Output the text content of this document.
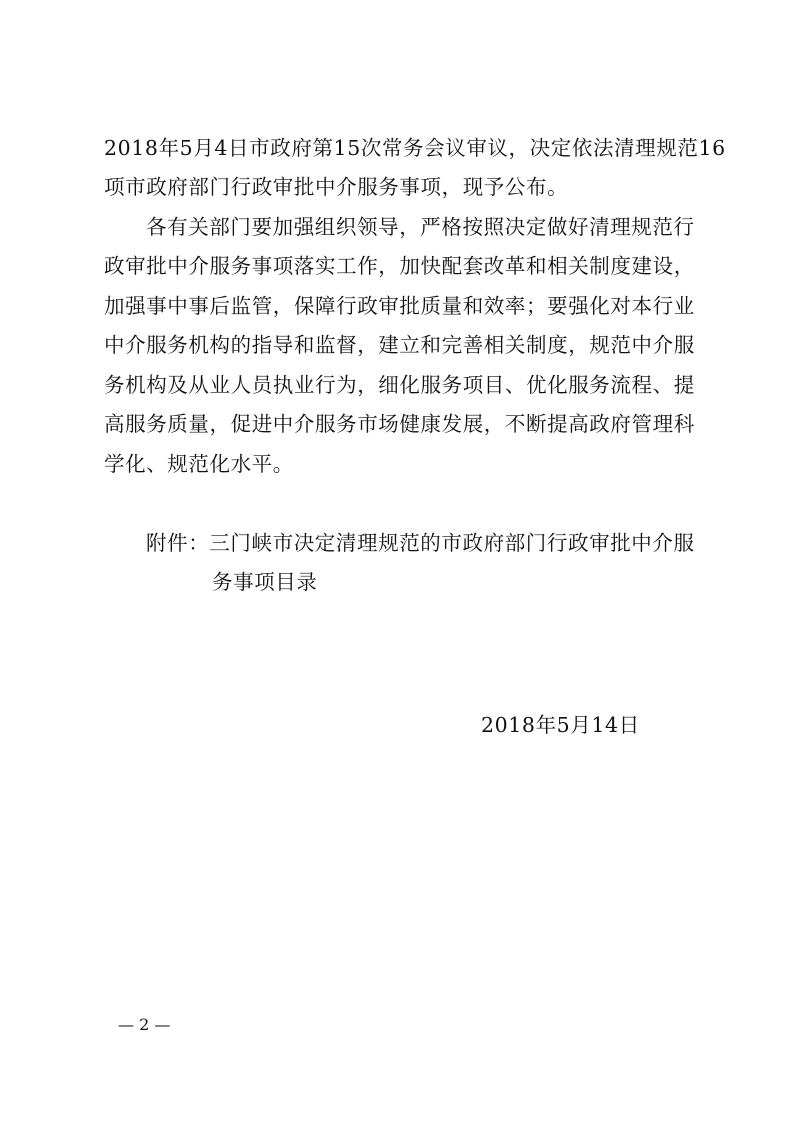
2018年5月4日市政府第15次常务会议审议，决定依法清理规范16
项市政府部门行政审批中介服务事项，现予公布。
各有关部门要加强组织领导，严格按照决定做好清理规范行
政审批中介服务事项落实工作，加快配套改革和相关制度建设，
加强事中事后监管，保障行政审批质量和效率；要强化对本行业
中介服务机构的指导和监督，建立和完善相关制度，规范中介服
务机构及从业人员执业行为，细化服务项目、优化服务流程、提
高服务质量，促进中介服务市场健康发展，不断提高政府管理科
学化、规范化水平。
附件：三门峡市决定清理规范的市政府部门行政审批中介服
务事项目录
2018年5月14日
— 2 —
